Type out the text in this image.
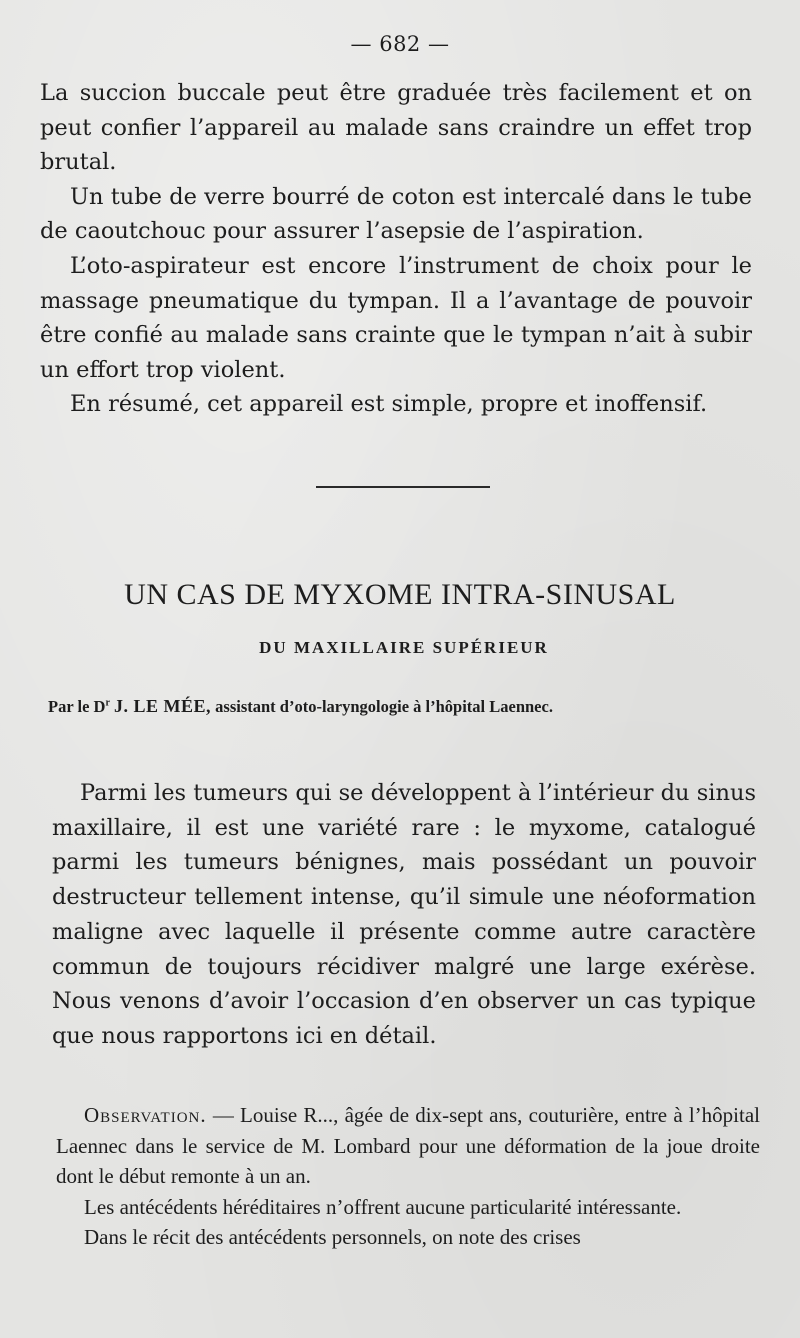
— 682 —

La succion buccale peut être graduée très facilement et on peut confier l’appareil au malade sans craindre un effet trop brutal.

Un tube de verre bourré de coton est intercalé dans le tube de caoutchouc pour assurer l’asepsie de l’aspiration.

L’oto-aspirateur est encore l’instrument de choix pour le massage pneumatique du tympan. Il a l’avantage de pouvoir être confié au malade sans crainte que le tympan n’ait à subir un effort trop violent.

En résumé, cet appareil est simple, propre et inoffensif.

UN CAS DE MYXOME INTRA-SINUSAL
DU MAXILLAIRE SUPÉRIEUR
Par le $D^r$ J. LE MÉE, assistant d’oto-laryngologie à l’hôpital Laennec.

Parmi les tumeurs qui se développent à l’intérieur du sinus maxillaire, il est une variété rare : le myxome, catalogué parmi les tumeurs bénignes, mais possédant un pouvoir destructeur tellement intense, qu’il simule une néoformation maligne avec laquelle il présente comme autre caractère commun de toujours récidiver malgré une large exérèse. Nous venons d’avoir l’occasion d’en observer un cas typique que nous rapportons ici en détail.

Observation. — Louise R..., âgée de dix-sept ans, couturière, entre à l’hôpital Laennec dans le service de M. Lombard pour une déformation de la joue droite dont le début remonte à un an.

Les antécédents héréditaires n’offrent aucune particularité intéressante.

Dans le récit des antécédents personnels, on note des crises
